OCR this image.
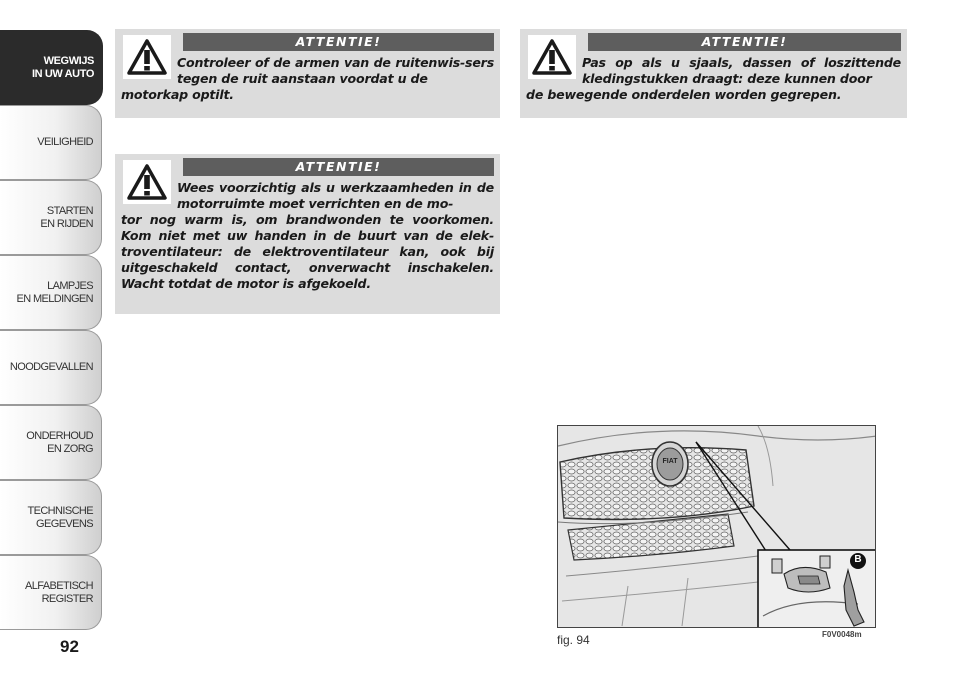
WEGWIJS
IN UW AUTO
VEILIGHEID
STARTEN
EN RIJDEN
LAMPJES
EN MELDINGEN
NOODGEVALLEN
ONDERHOUD
EN ZORG
TECHNISCHE
GEGEVENS
ALFABETISCH
REGISTER
92
ATTENTIE!
Controleer of de armen van de ruitenwis-sers tegen de ruit aanstaan voordat u de
motorkap optilt.
ATTENTIE!
Wees voorzichtig als u werkzaamheden in de motorruimte moet verrichten en de mo-
tor nog warm is, om brandwonden te voorkomen. Kom niet met uw handen in de buurt van de elek-troventilateur: de elektroventilateur kan, ook bij uitgeschakeld contact, onverwacht inschakelen. Wacht totdat de motor is afgekoeld.
ATTENTIE!
Pas op als u sjaals, dassen of loszittende kledingstukken draagt: deze kunnen door
de bewegende onderdelen worden gegrepen.
FIAT
B
fig. 94	F0V0048m
